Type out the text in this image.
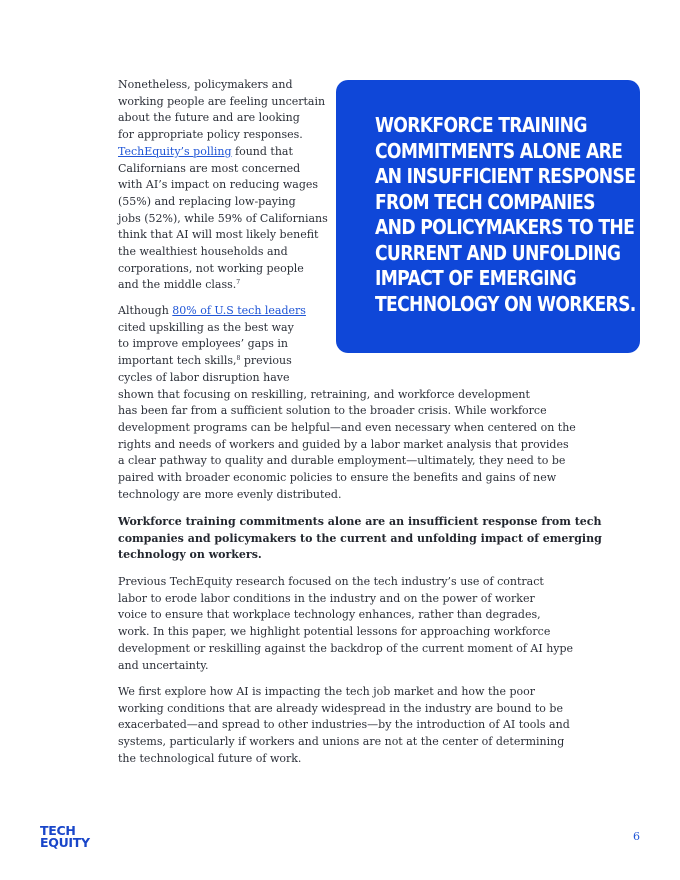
Nonetheless, policymakers and
working people are feeling uncertain
about the future and are looking
for appropriate policy responses.
TechEquity’s polling found that
Californians are most concerned
with AI’s impact on reducing wages
(55%) and replacing low-paying
jobs (52%), while 59% of Californians
think that AI will most likely benefit
the wealthiest households and
corporations, not working people
and the middle class.$^7$

Although 80% of U.S tech leaders
cited upskilling as the best way
to improve employees’ gaps in
important tech skills,$^8$ previous
cycles of labor disruption have
shown that focusing on reskilling, retraining, and workforce development
has been far from a sufficient solution to the broader crisis. While workforce
development programs can be helpful—and even necessary when centered on the
rights and needs of workers and guided by a labor market analysis that provides
a clear pathway to quality and durable employment—ultimately, they need to be
paired with broader economic policies to ensure the benefits and gains of new
technology are more evenly distributed.

Workforce training commitments alone are an insufficient response from tech
companies and policymakers to the current and unfolding impact of emerging
technology on workers.

Previous TechEquity research focused on the tech industry’s use of contract
labor to erode labor conditions in the industry and on the power of worker
voice to ensure that workplace technology enhances, rather than degrades,
work. In this paper, we highlight potential lessons for approaching workforce
development or reskilling against the backdrop of the current moment of AI hype
and uncertainty.

We first explore how AI is impacting the tech job market and how the poor
working conditions that are already widespread in the industry are bound to be
exacerbated—and spread to other industries—by the introduction of AI tools and
systems, particularly if workers and unions are not at the center of determining
the technological future of work.

WORKFORCE TRAINING
COMMITMENTS ALONE ARE
AN INSUFFICIENT RESPONSE
FROM TECH COMPANIES
AND POLICYMAKERS TO THE
CURRENT AND UNFOLDING
IMPACT OF EMERGING
TECHNOLOGY ON WORKERS.

TECH
EQUITY	6
